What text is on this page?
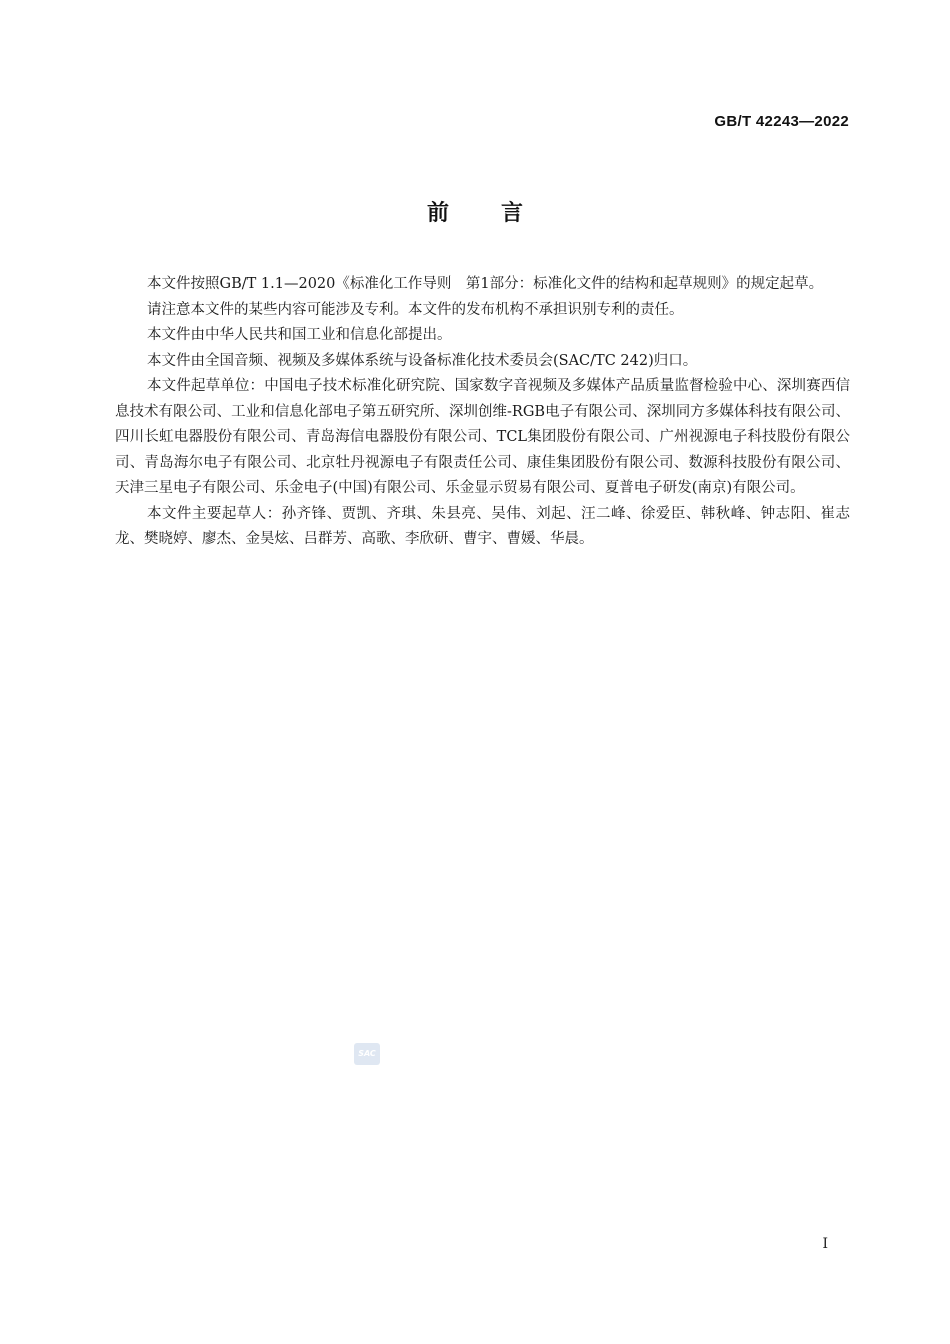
GB/T 42243—2022
前言

本文件按照GB/T 1.1—2020《标准化工作导则　第1部分：标准化文件的结构和起草规则》的规定起草。

请注意本文件的某些内容可能涉及专利。本文件的发布机构不承担识别专利的责任。

本文件由中华人民共和国工业和信息化部提出。

本文件由全国音频、视频及多媒体系统与设备标准化技术委员会(SAC/TC 242)归口。

本文件起草单位：中国电子技术标准化研究院、国家数字音视频及多媒体产品质量监督检验中心、深圳赛西信息技术有限公司、工业和信息化部电子第五研究所、深圳创维-RGB电子有限公司、深圳同方多媒体科技有限公司、四川长虹电器股份有限公司、青岛海信电器股份有限公司、TCL集团股份有限公司、广州视源电子科技股份有限公司、青岛海尔电子有限公司、北京牡丹视源电子有限责任公司、康佳集团股份有限公司、数源科技股份有限公司、天津三星电子有限公司、乐金电子(中国)有限公司、乐金显示贸易有限公司、夏普电子研发(南京)有限公司。

本文件主要起草人：孙齐锋、贾凯、齐琪、朱县亮、吴伟、刘起、汪二峰、徐爱臣、韩秋峰、钟志阳、崔志龙、樊晓婷、廖杰、金昊炫、吕群芳、高歌、李欣研、曹宇、曹媛、华晨。

SAC
I
